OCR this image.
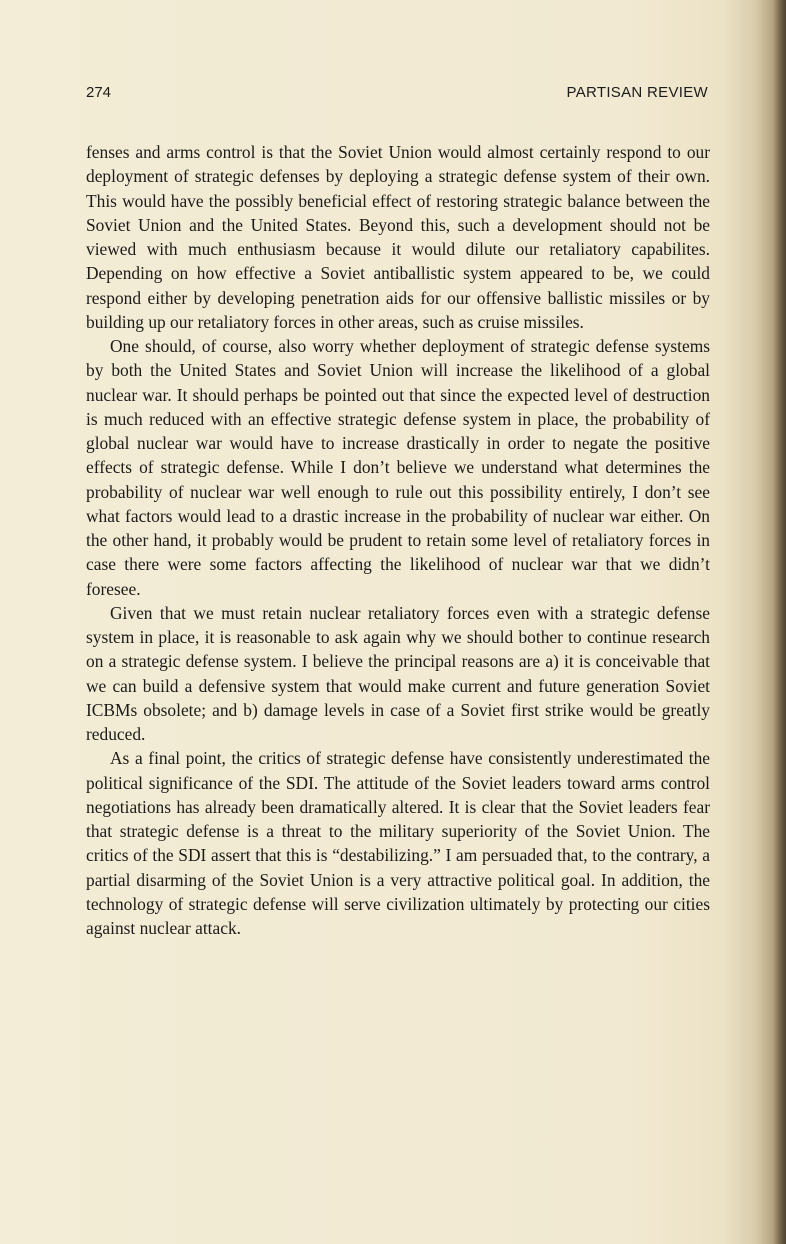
274	PARTISAN REVIEW

fenses and arms control is that the Soviet Union would almost certainly respond to our deployment of strategic defenses by deploying a strategic defense system of their own. This would have the possibly beneficial effect of restoring strategic balance between the Soviet Union and the United States. Beyond this, such a development should not be viewed with much enthusiasm because it would dilute our retaliatory capabilites. Depending on how effective a Soviet antiballistic system appeared to be, we could respond either by developing penetration aids for our offensive ballistic missiles or by building up our retaliatory forces in other areas, such as cruise missiles.

One should, of course, also worry whether deployment of strategic defense systems by both the United States and Soviet Union will increase the likelihood of a global nuclear war. It should perhaps be pointed out that since the expected level of destruction is much reduced with an effective strategic defense system in place, the probability of global nuclear war would have to increase drastically in order to negate the positive effects of strategic defense. While I don’t believe we understand what determines the probability of nuclear war well enough to rule out this possibility entirely, I don’t see what factors would lead to a drastic increase in the probability of nuclear war either. On the other hand, it probably would be prudent to retain some level of retaliatory forces in case there were some factors affecting the likelihood of nuclear war that we didn’t foresee.

Given that we must retain nuclear retaliatory forces even with a strategic defense system in place, it is reasonable to ask again why we should bother to continue research on a strategic defense system. I believe the principal reasons are a) it is conceivable that we can build a defensive system that would make current and future generation Soviet ICBMs obsolete; and b) damage levels in case of a Soviet first strike would be greatly reduced.

As a final point, the critics of strategic defense have consistently underestimated the political significance of the SDI. The attitude of the Soviet leaders toward arms control negotiations has already been dramatically altered. It is clear that the Soviet leaders fear that strategic defense is a threat to the military superiority of the Soviet Union. The critics of the SDI assert that this is “destabilizing.” I am persuaded that, to the contrary, a partial disarming of the Soviet Union is a very attractive political goal. In addition, the technology of strategic defense will serve civilization ultimately by protecting our cities against nuclear attack.
